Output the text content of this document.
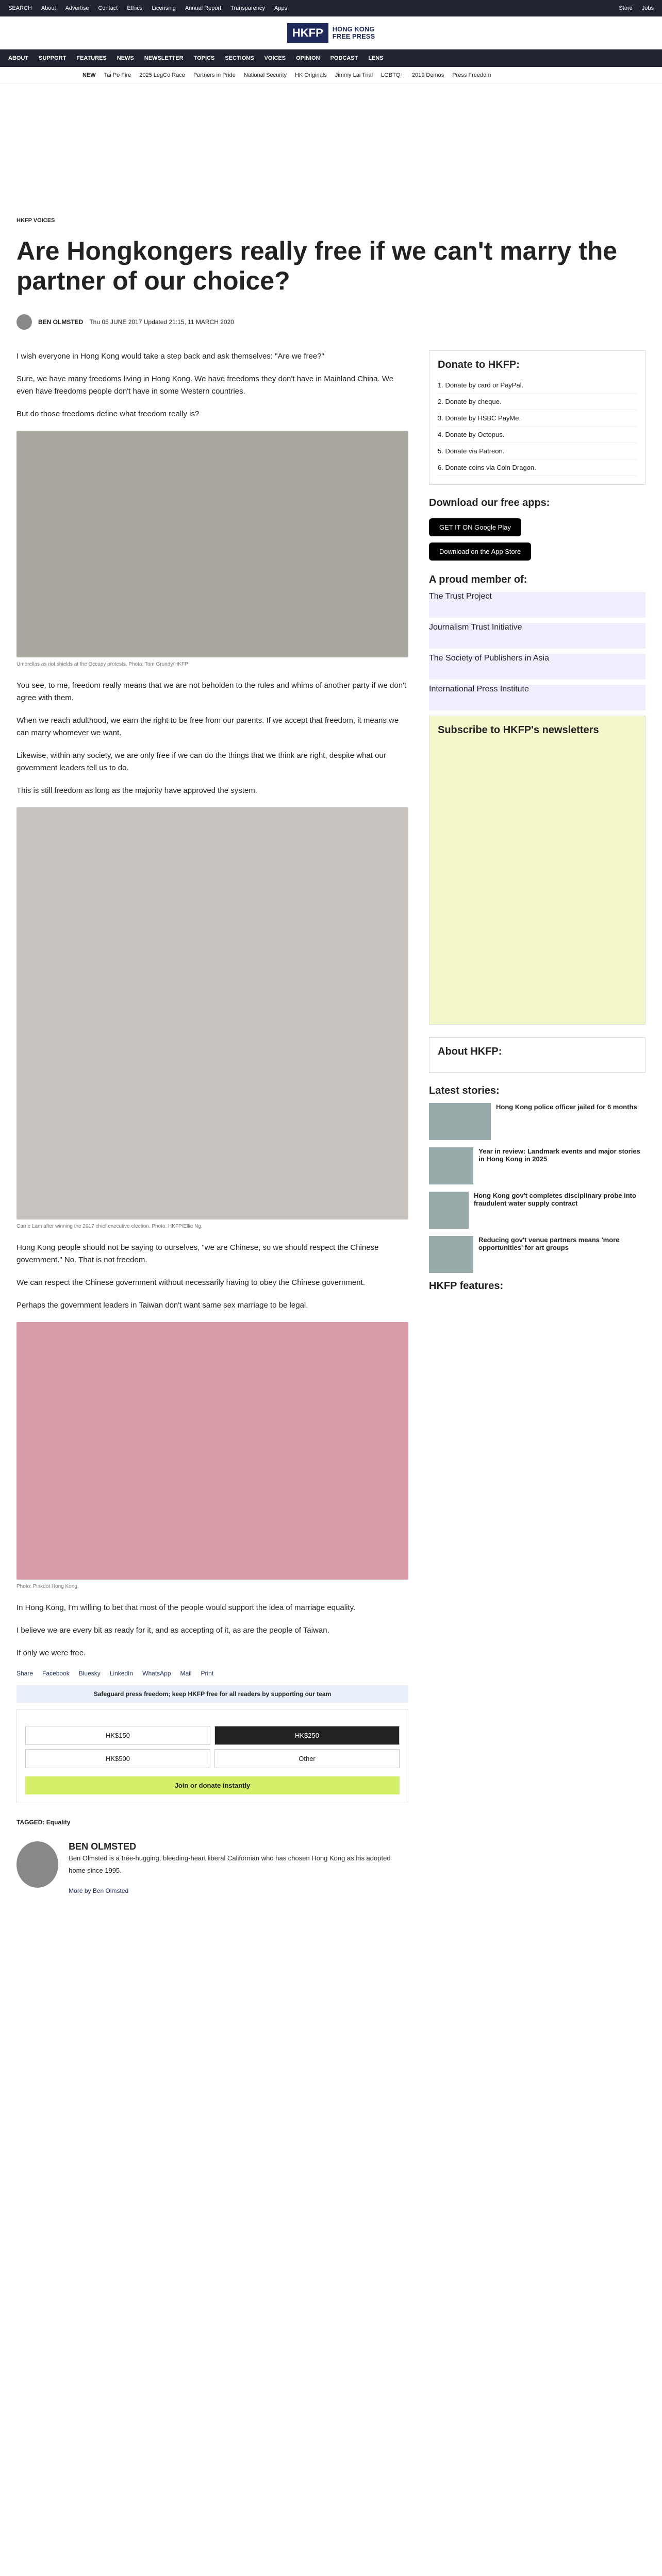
SEARCH About Advertise Contact Ethics Licensing Annual Report Transparency Apps	Store Jobs
HKFP	HONG KONG
FREE PRESS
ABOUT SUPPORT FEATURES NEWS NEWSLETTER TOPICS SECTIONS VOICES OPINION PODCAST LENS
NEW Tai Po Fire 2025 LegCo Race Partners in Pride National Security HK Originals Jimmy Lai Trial LGBTQ+ 2019 Demos Press Freedom
HKFP VOICES
Are Hongkongers really free if we can't marry the partner of our choice?
BEN OLMSTED Thu 05 JUNE 2017 Updated 21:15, 11 MARCH 2020

I wish everyone in Hong Kong would take a step back and ask themselves: "Are we free?"

Sure, we have many freedoms living in Hong Kong. We have freedoms they don't have in Mainland China. We even have freedoms people don't have in some Western countries.

But do those freedoms define what freedom really is?

Umbrellas as riot shields at the Occupy protests. Photo: Tom Grundy/HKFP

You see, to me, freedom really means that we are not beholden to the rules and whims of another party if we don't agree with them.

When we reach adulthood, we earn the right to be free from our parents. If we accept that freedom, it means we can marry whomever we want.

Likewise, within any society, we are only free if we can do the things that we think are right, despite what our government leaders tell us to do.

This is still freedom as long as the majority have approved the system.

Carrie Lam after winning the 2017 chief executive election. Photo: HKFP/Ellie Ng.

Hong Kong people should not be saying to ourselves, "we are Chinese, so we should respect the Chinese government." No. That is not freedom.

We can respect the Chinese government without necessarily having to obey the Chinese government.

Perhaps the government leaders in Taiwan don't want same sex marriage to be legal.

Photo: Pinkdot Hong Kong.

In Hong Kong, I'm willing to bet that most of the people would support the idea of marriage equality.

I believe we are every bit as ready for it, and as accepting of it, as are the people of Taiwan.

If only we were free.

Share Facebook Bluesky LinkedIn WhatsApp Mail Print
Safeguard press freedom; keep HKFP free for all readers by supporting our team
HK$150	HK$250
HK$500	Other
Join or donate instantly
TAGGED: Equality
BEN OLMSTED

Ben Olmsted is a tree-hugging, bleeding-heart liberal Californian who has chosen Hong Kong as his adopted home since 1995.

More by Ben Olmsted
Donate to HKFP:
1. Donate by card or PayPal.
2. Donate by cheque.
3. Donate by HSBC PayMe.
4. Donate by Octopus.
5. Donate via Patreon.
6. Donate coins via Coin Dragon.
Download our free apps:
GET IT ON Google Play
Download on the App Store
A proud member of:
The Trust Project
Journalism Trust Initiative
The Society of Publishers in Asia
International Press Institute
Subscribe to HKFP's newsletters
About HKFP:
Latest stories:
Hong Kong police officer jailed for 6 months
Year in review: Landmark events and major stories in Hong Kong in 2025
Hong Kong gov't completes disciplinary probe into fraudulent water supply contract
Reducing gov't venue partners means 'more opportunities' for art groups
HKFP features:
